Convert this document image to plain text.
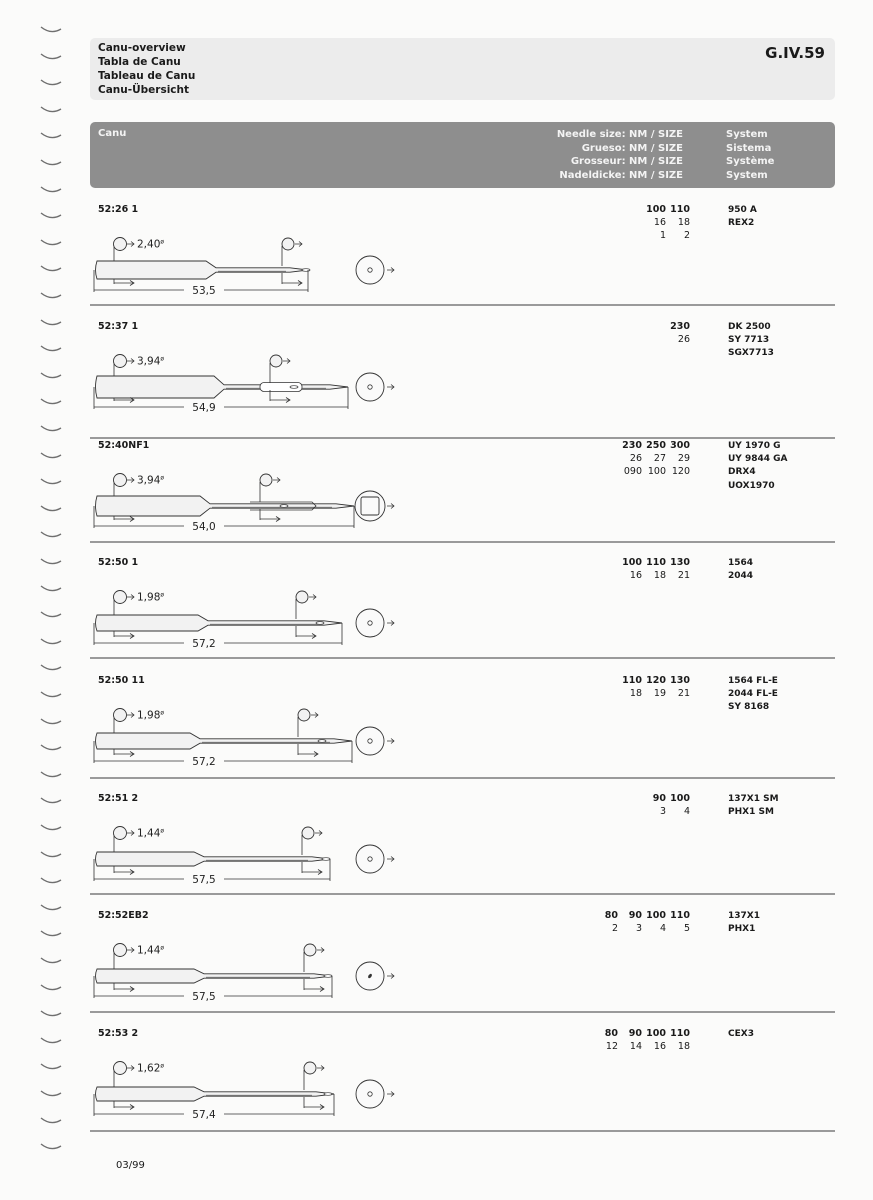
Canu-overview
Tabla de Canu
Tableau de Canu
Canu-Übersicht
G.IV.59
Canu	Needle size: NM / SIZE
Grueso: NM / SIZE
Grosseur: NM / SIZE
Nadeldicke: NM / SIZE
System
Sistema
Système
System
52:26 1	100 110
16	18
1	2
950 A
REX2
$2,40^ø$
53,5
52:37 1	230
26
DK 2500
SY 7713
SGX7713
$3,94^ø$
54,9
52:40NF1	230 250 300
26	27	29
090 100 120
UY 1970 G
UY 9844 GA
DRX4
UOX1970
$3,94^ø$
54,0
52:50 1	100 110 130
16	18	21
1564
2044
$1,98^ø$
57,2
52:50 11	110 120 130
18	19	21
1564 FL-E
2044 FL-E
SY 8168
$1,98^ø$
57,2
52:51 2	90 100
3	4
137X1 SM
PHX1 SM
$1,44^ø$
57,5
52:52EB2	80	90 100 110
2	3	4	5
137X1
PHX1
$1,44^ø$
57,5
52:53 2	80	90 100 110
12	14	16	18
CEX3
$1,62^ø$
57,4
03/99
